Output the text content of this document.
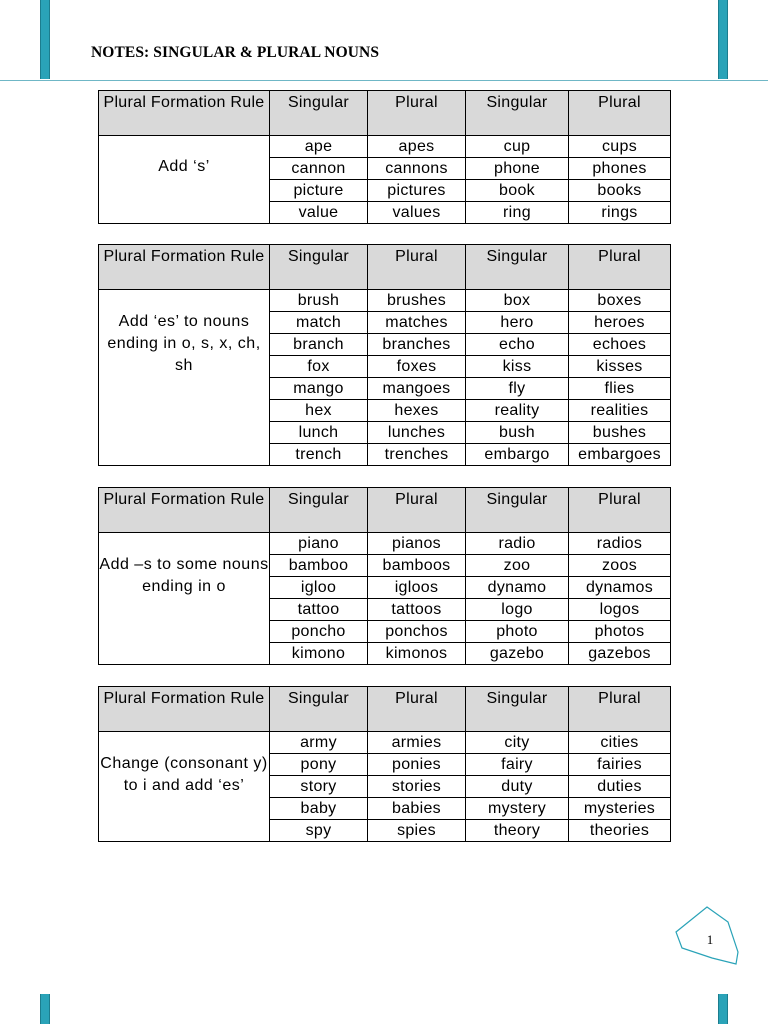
NOTES: SINGULAR & PLURAL NOUNS
Plural Formation Rule	Singular	Plural	Singular	Plural
Add ‘s’	ape	apes	cup	cups
	cannon	cannons	phone	phones
	picture	pictures	book	books
	value	values	ring	rings
Plural Formation Rule	Singular	Plural	Singular	Plural
Add ‘es’ to nouns ending in o, s, x, ch, sh	brush	brushes	box	boxes
	match	matches	hero	heroes
	branch	branches	echo	echoes
	fox	foxes	kiss	kisses
	mango	mangoes	fly	flies
	hex	hexes	reality	realities
	lunch	lunches	bush	bushes
	trench	trenches	embargo	embargoes
Plural Formation Rule	Singular	Plural	Singular	Plural
Add –s to some nouns ending in o	piano	pianos	radio	radios
	bamboo	bamboos	zoo	zoos
	igloo	igloos	dynamo	dynamos
	tattoo	tattoos	logo	logos
	poncho	ponchos	photo	photos
	kimono	kimonos	gazebo	gazebos
Plural Formation Rule	Singular	Plural	Singular	Plural
Change (consonant y) to i and add ‘es’	army	armies	city	cities
	pony	ponies	fairy	fairies
	story	stories	duty	duties
	baby	babies	mystery	mysteries
	spy	spies	theory	theories

1
